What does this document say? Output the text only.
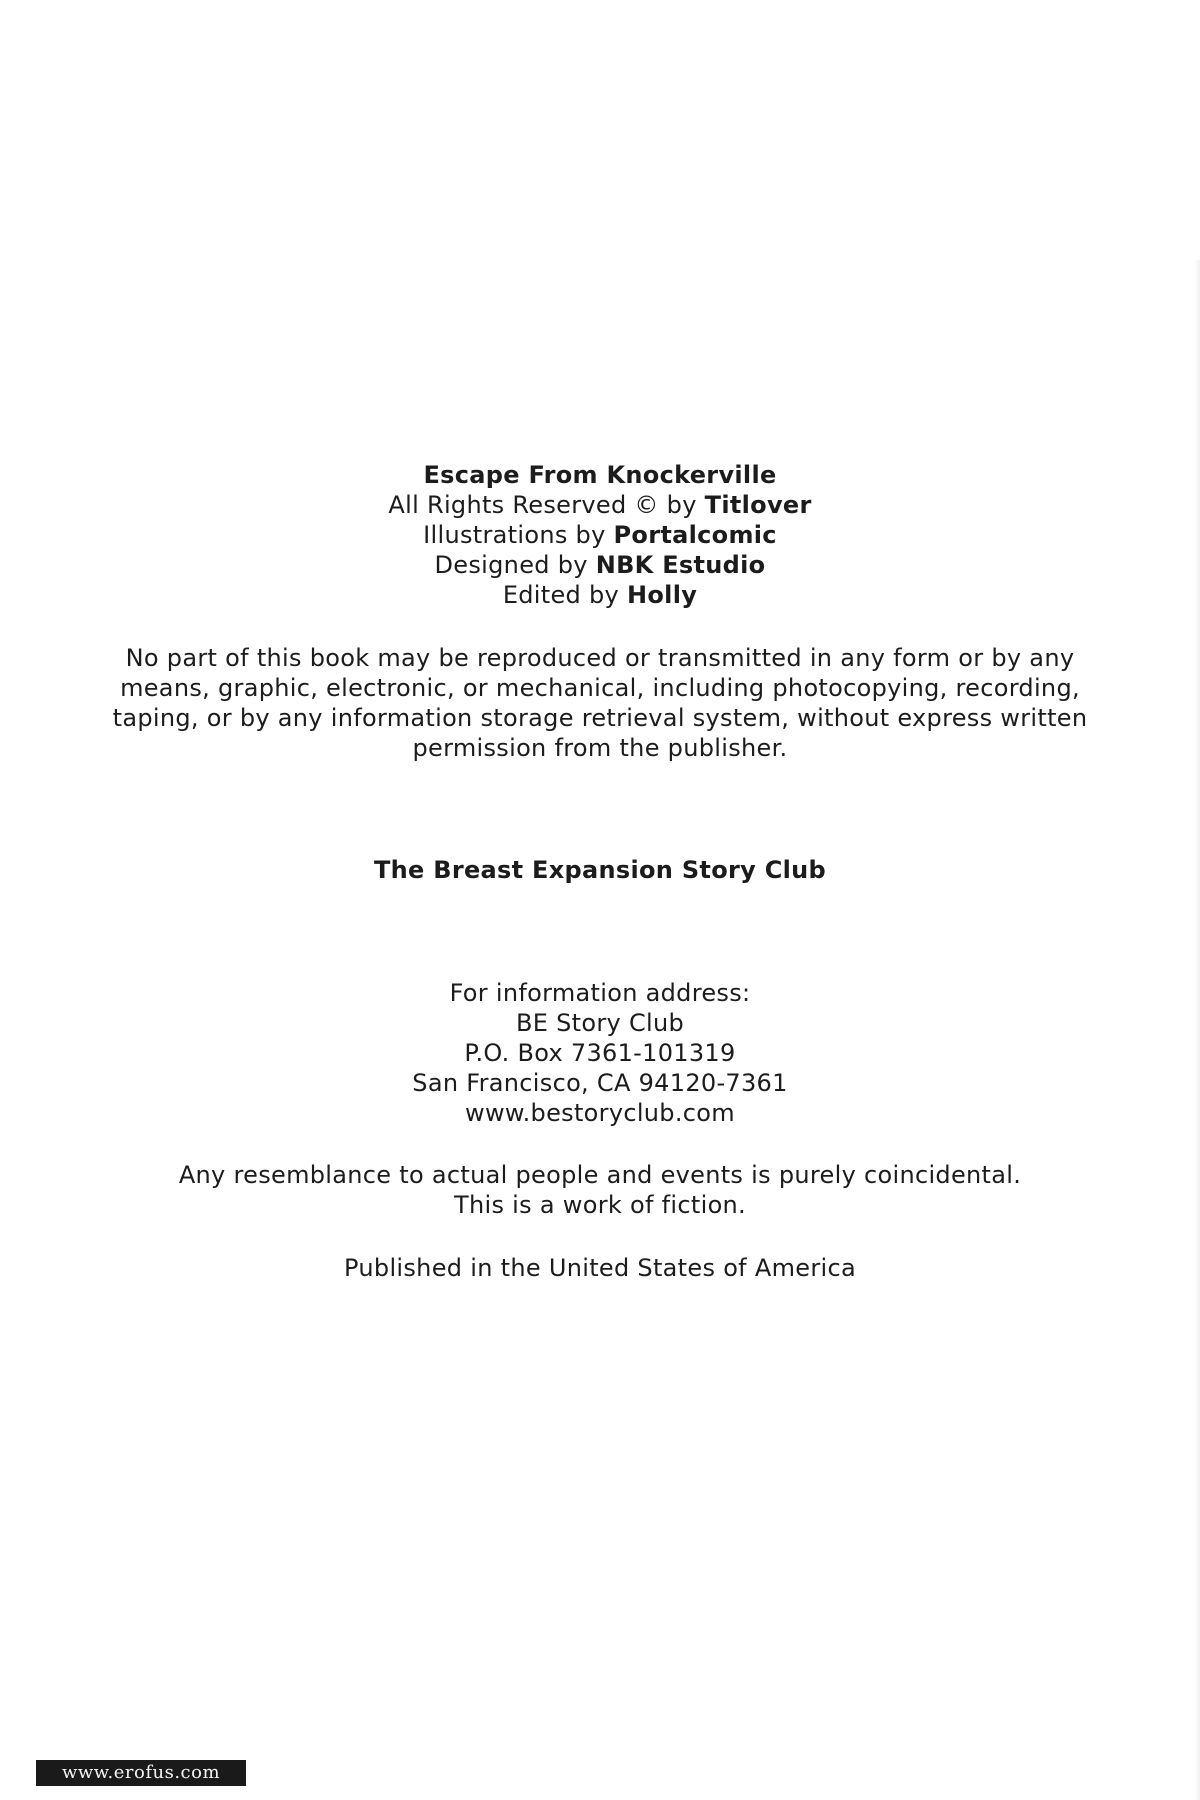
Escape From Knockerville
All Rights Reserved © by Titlover
Illustrations by Portalcomic
Designed by NBK Estudio
Edited by Holly
No part of this book may be reproduced or transmitted in any form or by any
means, graphic, electronic, or mechanical, including photocopying, recording,
taping, or by any information storage retrieval system, without express written
permission from the publisher.
The Breast Expansion Story Club
For information address:
BE Story Club
P.O. Box 7361-101319
San Francisco, CA 94120-7361
www.bestoryclub.com
Any resemblance to actual people and events is purely coincidental.
This is a work of fiction.
Published in the United States of America
www.erofus.com
